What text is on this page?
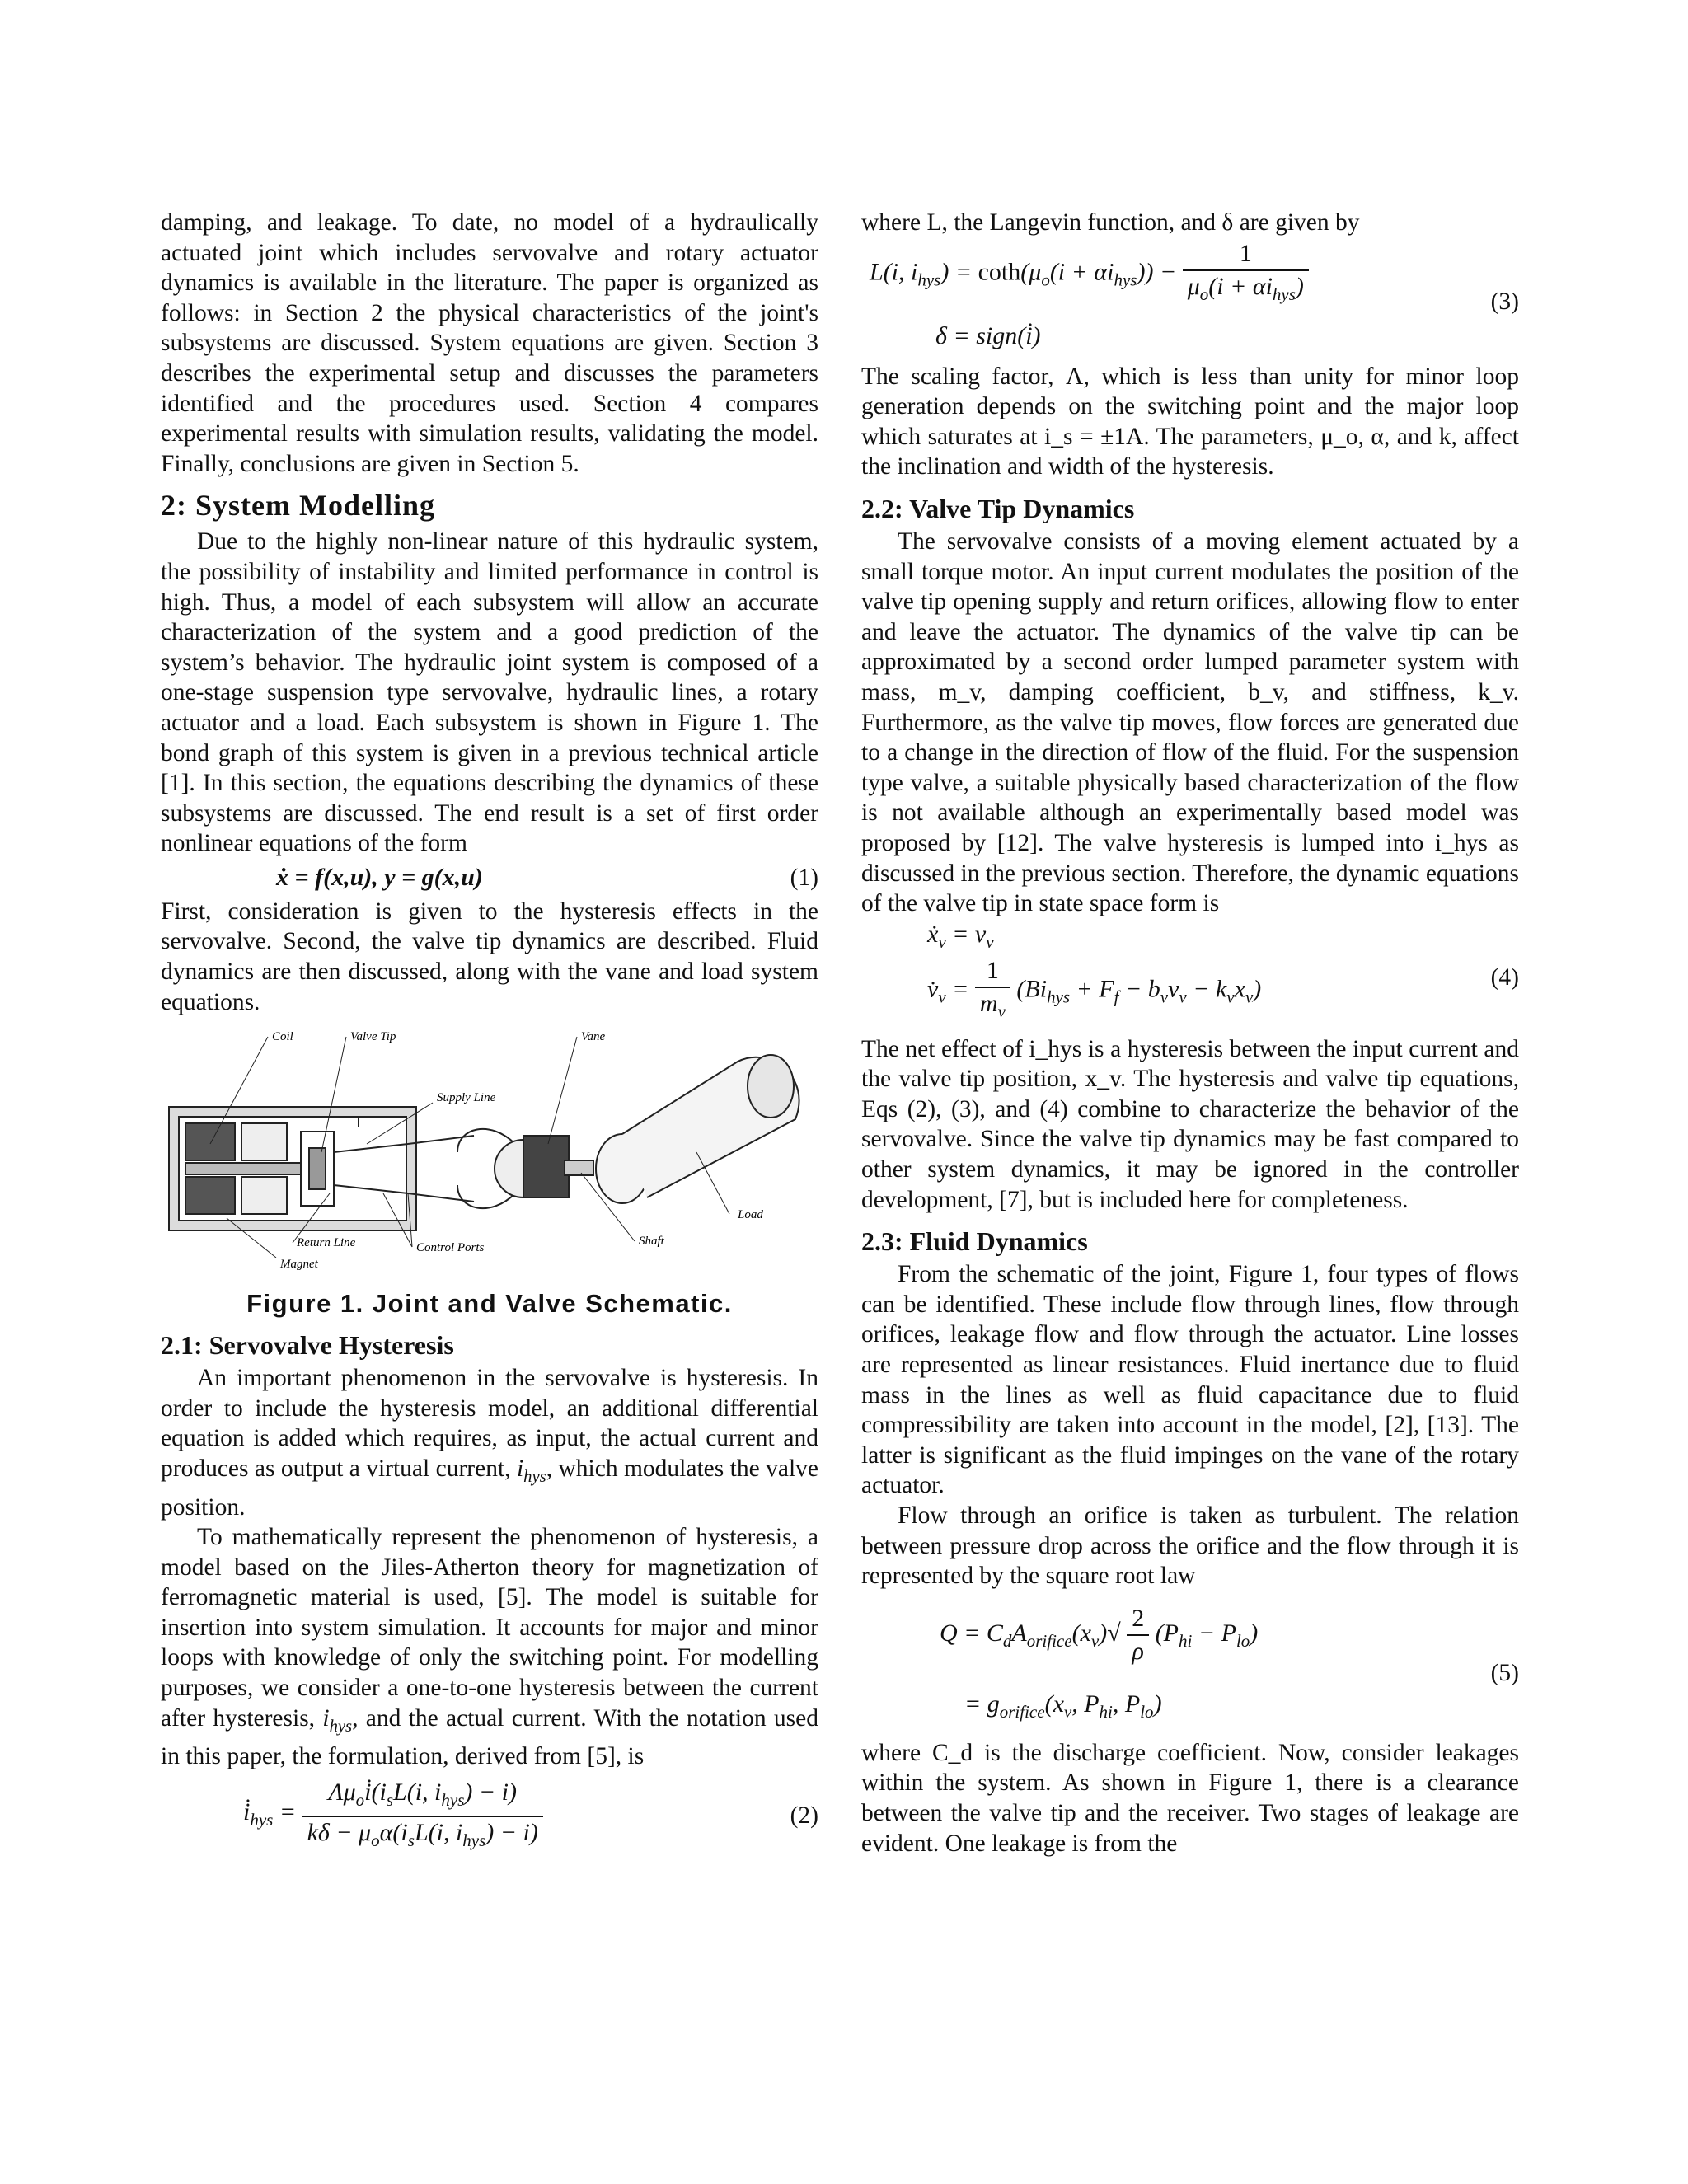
damping, and leakage. To date, no model of a hydraulically actuated joint which includes servovalve and rotary actuator dynamics is available in the literature. The paper is organized as follows: in Section 2 the physical characteristics of the joint's subsystems are discussed. System equations are given. Section 3 describes the experimental setup and discusses the parameters identified and the procedures used. Section 4 compares experimental results with simulation results, validating the model. Finally, conclusions are given in Section 5.

2: System Modelling

Due to the highly non-linear nature of this hydraulic system, the possibility of instability and limited performance in control is high. Thus, a model of each subsystem will allow an accurate characterization of the system and a good prediction of the system’s behavior. The hydraulic joint system is composed of a one-stage suspension type servovalve, hydraulic lines, a rotary actuator and a load. Each subsystem is shown in Figure 1. The bond graph of this system is given in a previous technical article [1]. In this section, the equations describing the dynamics of these subsystems are discussed. The end result is a set of first order nonlinear equations of the form

ẋ = f(x,u), y = g(x,u)	(1)

First, consideration is given to the hysteresis effects in the servovalve. Second, the valve tip dynamics are described. Fluid dynamics are then discussed, along with the vane and load system equations.

Coil	Valve Tip	Vane
Supply Line
Load
Return Line	Control Ports	Shaft
Magnet
Figure 1. Joint and Valve Schematic.
2.1: Servovalve Hysteresis

An important phenomenon in the servovalve is hysteresis. In order to include the hysteresis model, an additional differential equation is added which requires, as input, the actual current and produces as output a virtual current, $i_{hys}$, which modulates the valve position.

To mathematically represent the phenomenon of hysteresis, a model based on the Jiles-Atherton theory for magnetization of ferromagnetic material is used, [5]. The model is suitable for insertion into system simulation. It accounts for major and minor loops with knowledge of only the switching point. For modelling purposes, we consider a one-to-one hysteresis between the current after hysteresis, $i_{hys}$, and the actual current. With the notation used in this paper, the formulation, derived from [5], is

$i̇_{hys} = \frac{\Lambda\mu_oi̇(i_sL(i, i_{hys}) - i)}{k\delta - \mu_o\alpha(i_sL(i, i_{hys}) - i)}$	(2)

where L, the Langevin function, and δ are given by

L(i, $i_{hys}) = \cot h(\mu_o(i + \alpha i_{hys})) - \frac{1}{\mu_o(i + \alpha i_{hys})}$
δ = sign(i̇)
(3)

The scaling factor, Λ, which is less than unity for minor loop generation depends on the switching point and the major loop which saturates at i_s = ±1A. The parameters, μ_o, α, and k, affect the inclination and width of the hysteresis.

2.2: Valve Tip Dynamics

The servovalve consists of a moving element actuated by a small torque motor. An input current modulates the position of the valve tip opening supply and return orifices, allowing flow to enter and leave the actuator. The dynamics of the valve tip can be approximated by a second order lumped parameter system with mass, m_v, damping coefficient, b_v, and stiffness, k_v. Furthermore, as the valve tip moves, flow forces are generated due to a change in the direction of flow of the fluid. For the suspension type valve, a suitable physically based characterization of the flow is not available although an experimentally based model was proposed by [12]. The valve hysteresis is lumped into i_hys as discussed in the previous section. Therefore, the dynamic equations of the valve tip in state space form is

ẋ$_v$ = $v_v$
$v̇_v = \frac{1}{m_v} (Bi_{hys} + F_f - b_vv_v - k_vx_v)$	(4)

The net effect of i_hys is a hysteresis between the input current and the valve tip position, x_v. The hysteresis and valve tip equations, Eqs (2), (3), and (4) combine to characterize the behavior of the servovalve. Since the valve tip dynamics may be fast compared to other system dynamics, it may be ignored in the controller development, [7], but is included here for completeness.

2.3: Fluid Dynamics

From the schematic of the joint, Figure 1, four types of flows can be identified. These include flow through lines, flow through orifices, leakage flow and flow through the actuator. Line losses are represented as linear resistances. Fluid inertance due to fluid mass in the lines as well as fluid capacitance due to fluid compressibility are taken into account in the model, [2], [13]. The latter is significant as the fluid impinges on the vane of the rotary actuator.

Flow through an orifice is taken as turbulent. The relation between pressure drop across the orifice and the flow through it is represented by the square root law

$Q = C_dA_{orifice}(x_v)√ \frac{2}{\rho} (P_{hi} - P_{lo})$
= $g_{orifice}(x_v$, $P_{hi}$, $P_{lo}$)
(5)

where C_d is the discharge coefficient. Now, consider leakages within the system. As shown in Figure 1, there is a clearance between the valve tip and the receiver. Two stages of leakage are evident. One leakage is from the
